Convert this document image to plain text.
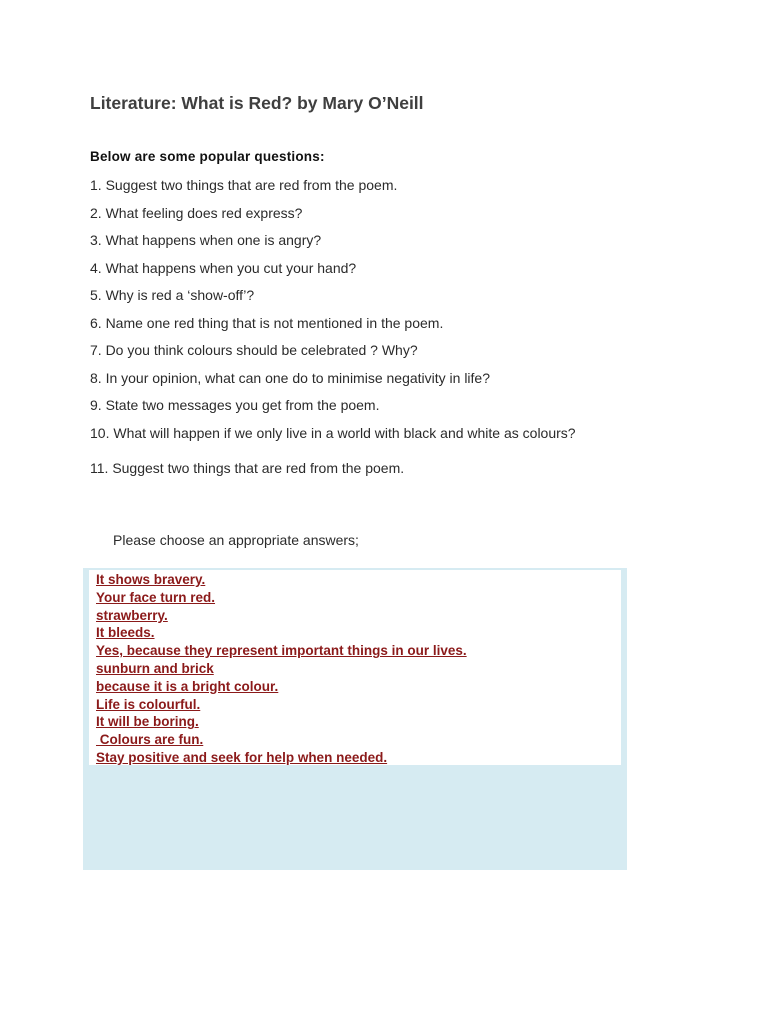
Literature: What is Red? by Mary O’Neill

Below are some popular questions:

1. Suggest two things that are red from the poem.
2. What feeling does red express?
3. What happens when one is angry?
4. What happens when you cut your hand?
5. Why is red a ‘show-off’?
6. Name one red thing that is not mentioned in the poem.
7. Do you think colours should be celebrated ? Why?
8. In your opinion, what can one do to minimise negativity in life?
9. State two messages you get from the poem.
10. What will happen if we only live in a world with black and white as colours?
11. Suggest two things that are red from the poem.

Please choose an appropriate answers;

It shows bravery.
Your face turn red.
strawberry.
It bleeds.
Yes, because they represent important things in our lives.
sunburn and brick
because it is a bright colour.
Life is colourful.
It will be boring.
Colours are fun.
Stay positive and seek for help when needed.
